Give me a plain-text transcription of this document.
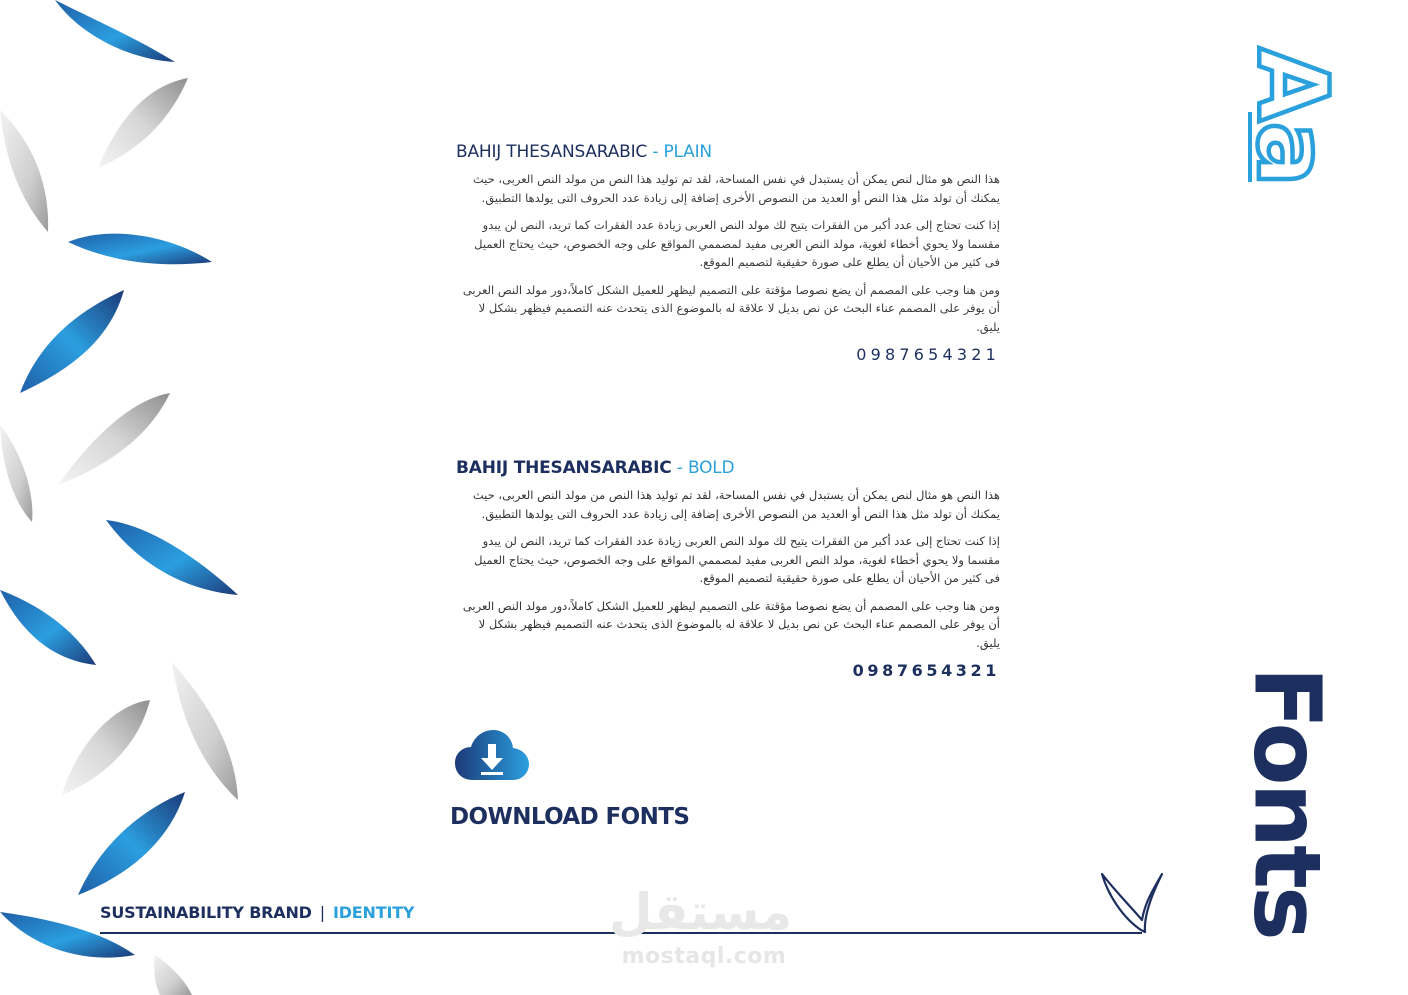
BAHIJ THESANSARABIC - PLAIN

هذا النص هو مثال لنص يمكن أن يستبدل في نفس المساحة، لقد تم توليد هذا النص من مولد النص العربى، حيث يمكنك أن تولد مثل هذا النص أو العديد من النصوص الأخرى إضافة إلى زيادة عدد الحروف التى يولدها التطبيق.

إذا كنت تحتاج إلى عدد أكبر من الفقرات يتيح لك مولد النص العربى زيادة عدد الفقرات كما تريد، النص لن يبدو مقسما ولا يحوي أخطاء لغوية، مولد النص العربى مفيد لمصممي المواقع على وجه الخصوص، حيث يحتاج العميل فى كثير من الأحيان أن يطلع على صورة حقيقية لتصميم الموقع.

ومن هنا وجب على المصمم أن يضع نصوصا مؤقتة على التصميم ليظهر للعميل الشكل كاملاً،دور مولد النص العربى أن يوفر على المصمم عناء البحث عن نص بديل لا علاقة له بالموضوع الذى يتحدث عنه التصميم فيظهر بشكل لا يليق.

0987654321
BAHIJ THESANSARABIC - BOLD

هذا النص هو مثال لنص يمكن أن يستبدل في نفس المساحة، لقد تم توليد هذا النص من مولد النص العربى، حيث يمكنك أن تولد مثل هذا النص أو العديد من النصوص الأخرى إضافة إلى زيادة عدد الحروف التى يولدها التطبيق.

إذا كنت تحتاج إلى عدد أكبر من الفقرات يتيح لك مولد النص العربى زيادة عدد الفقرات كما تريد، النص لن يبدو مقسما ولا يحوي أخطاء لغوية، مولد النص العربى مفيد لمصممي المواقع على وجه الخصوص، حيث يحتاج العميل فى كثير من الأحيان أن يطلع على صورة حقيقية لتصميم الموقع.

ومن هنا وجب على المصمم أن يضع نصوصا مؤقتة على التصميم ليظهر للعميل الشكل كاملاً،دور مولد النص العربى أن يوفر على المصمم عناء البحث عن نص بديل لا علاقة له بالموضوع الذى يتحدث عنه التصميم فيظهر بشكل لا يليق.

0987654321
DOWNLOAD FONTS
SUSTAINABILITY BRAND | IDENTITY	مستقل
mostaql.com
Aa
Fonts
